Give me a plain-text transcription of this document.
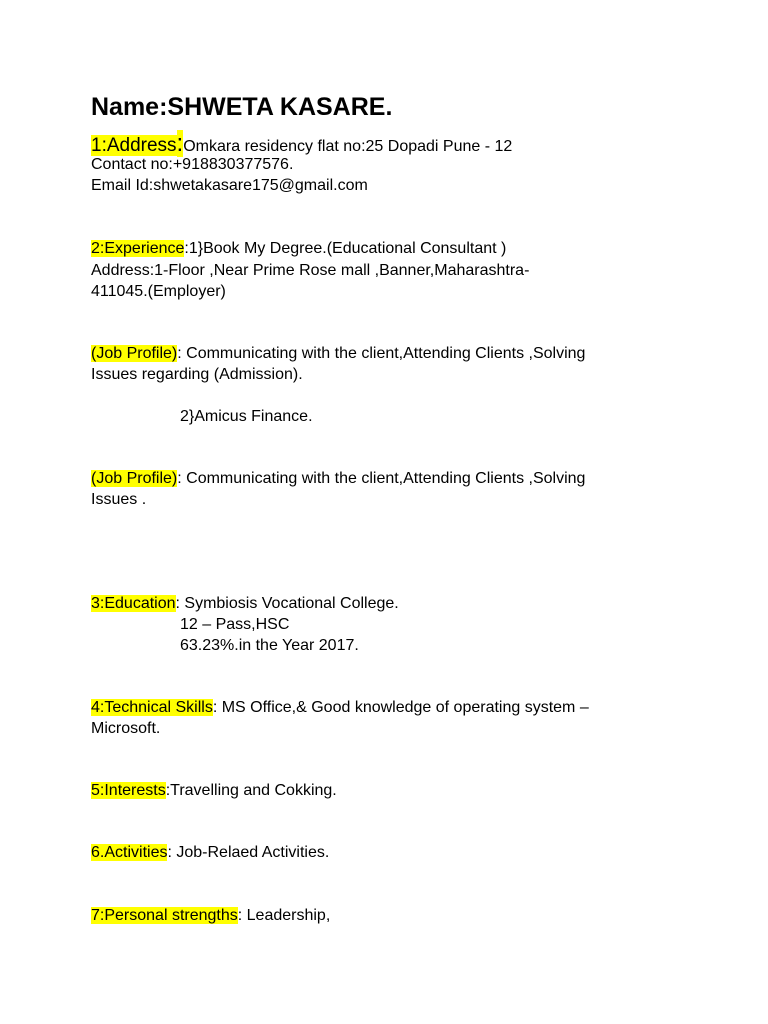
Name:SHWETA KASARE.
1:Address:Omkara residency flat no:25 Dopadi Pune - 12
Contact no:+918830377576.
Email Id:shwetakasare175@gmail.com
2:Experience:1}Book My Degree.(Educational Consultant )
Address:1-Floor ,Near Prime Rose mall ,Banner,Maharashtra-
411045.(Employer)
(Job Profile): Communicating with the client,Attending Clients ,Solving
Issues regarding (Admission).
2}Amicus Finance.
(Job Profile): Communicating with the client,Attending Clients ,Solving
Issues .
3:Education: Symbiosis Vocational College.
12 – Pass,HSC
63.23%.in the Year 2017.
4:Technical Skills: MS Office,& Good knowledge of operating system –
Microsoft.
5:Interests:Travelling and Cokking.
6.Activities: Job-Relaed Activities.
7:Personal strengths: Leadership,
